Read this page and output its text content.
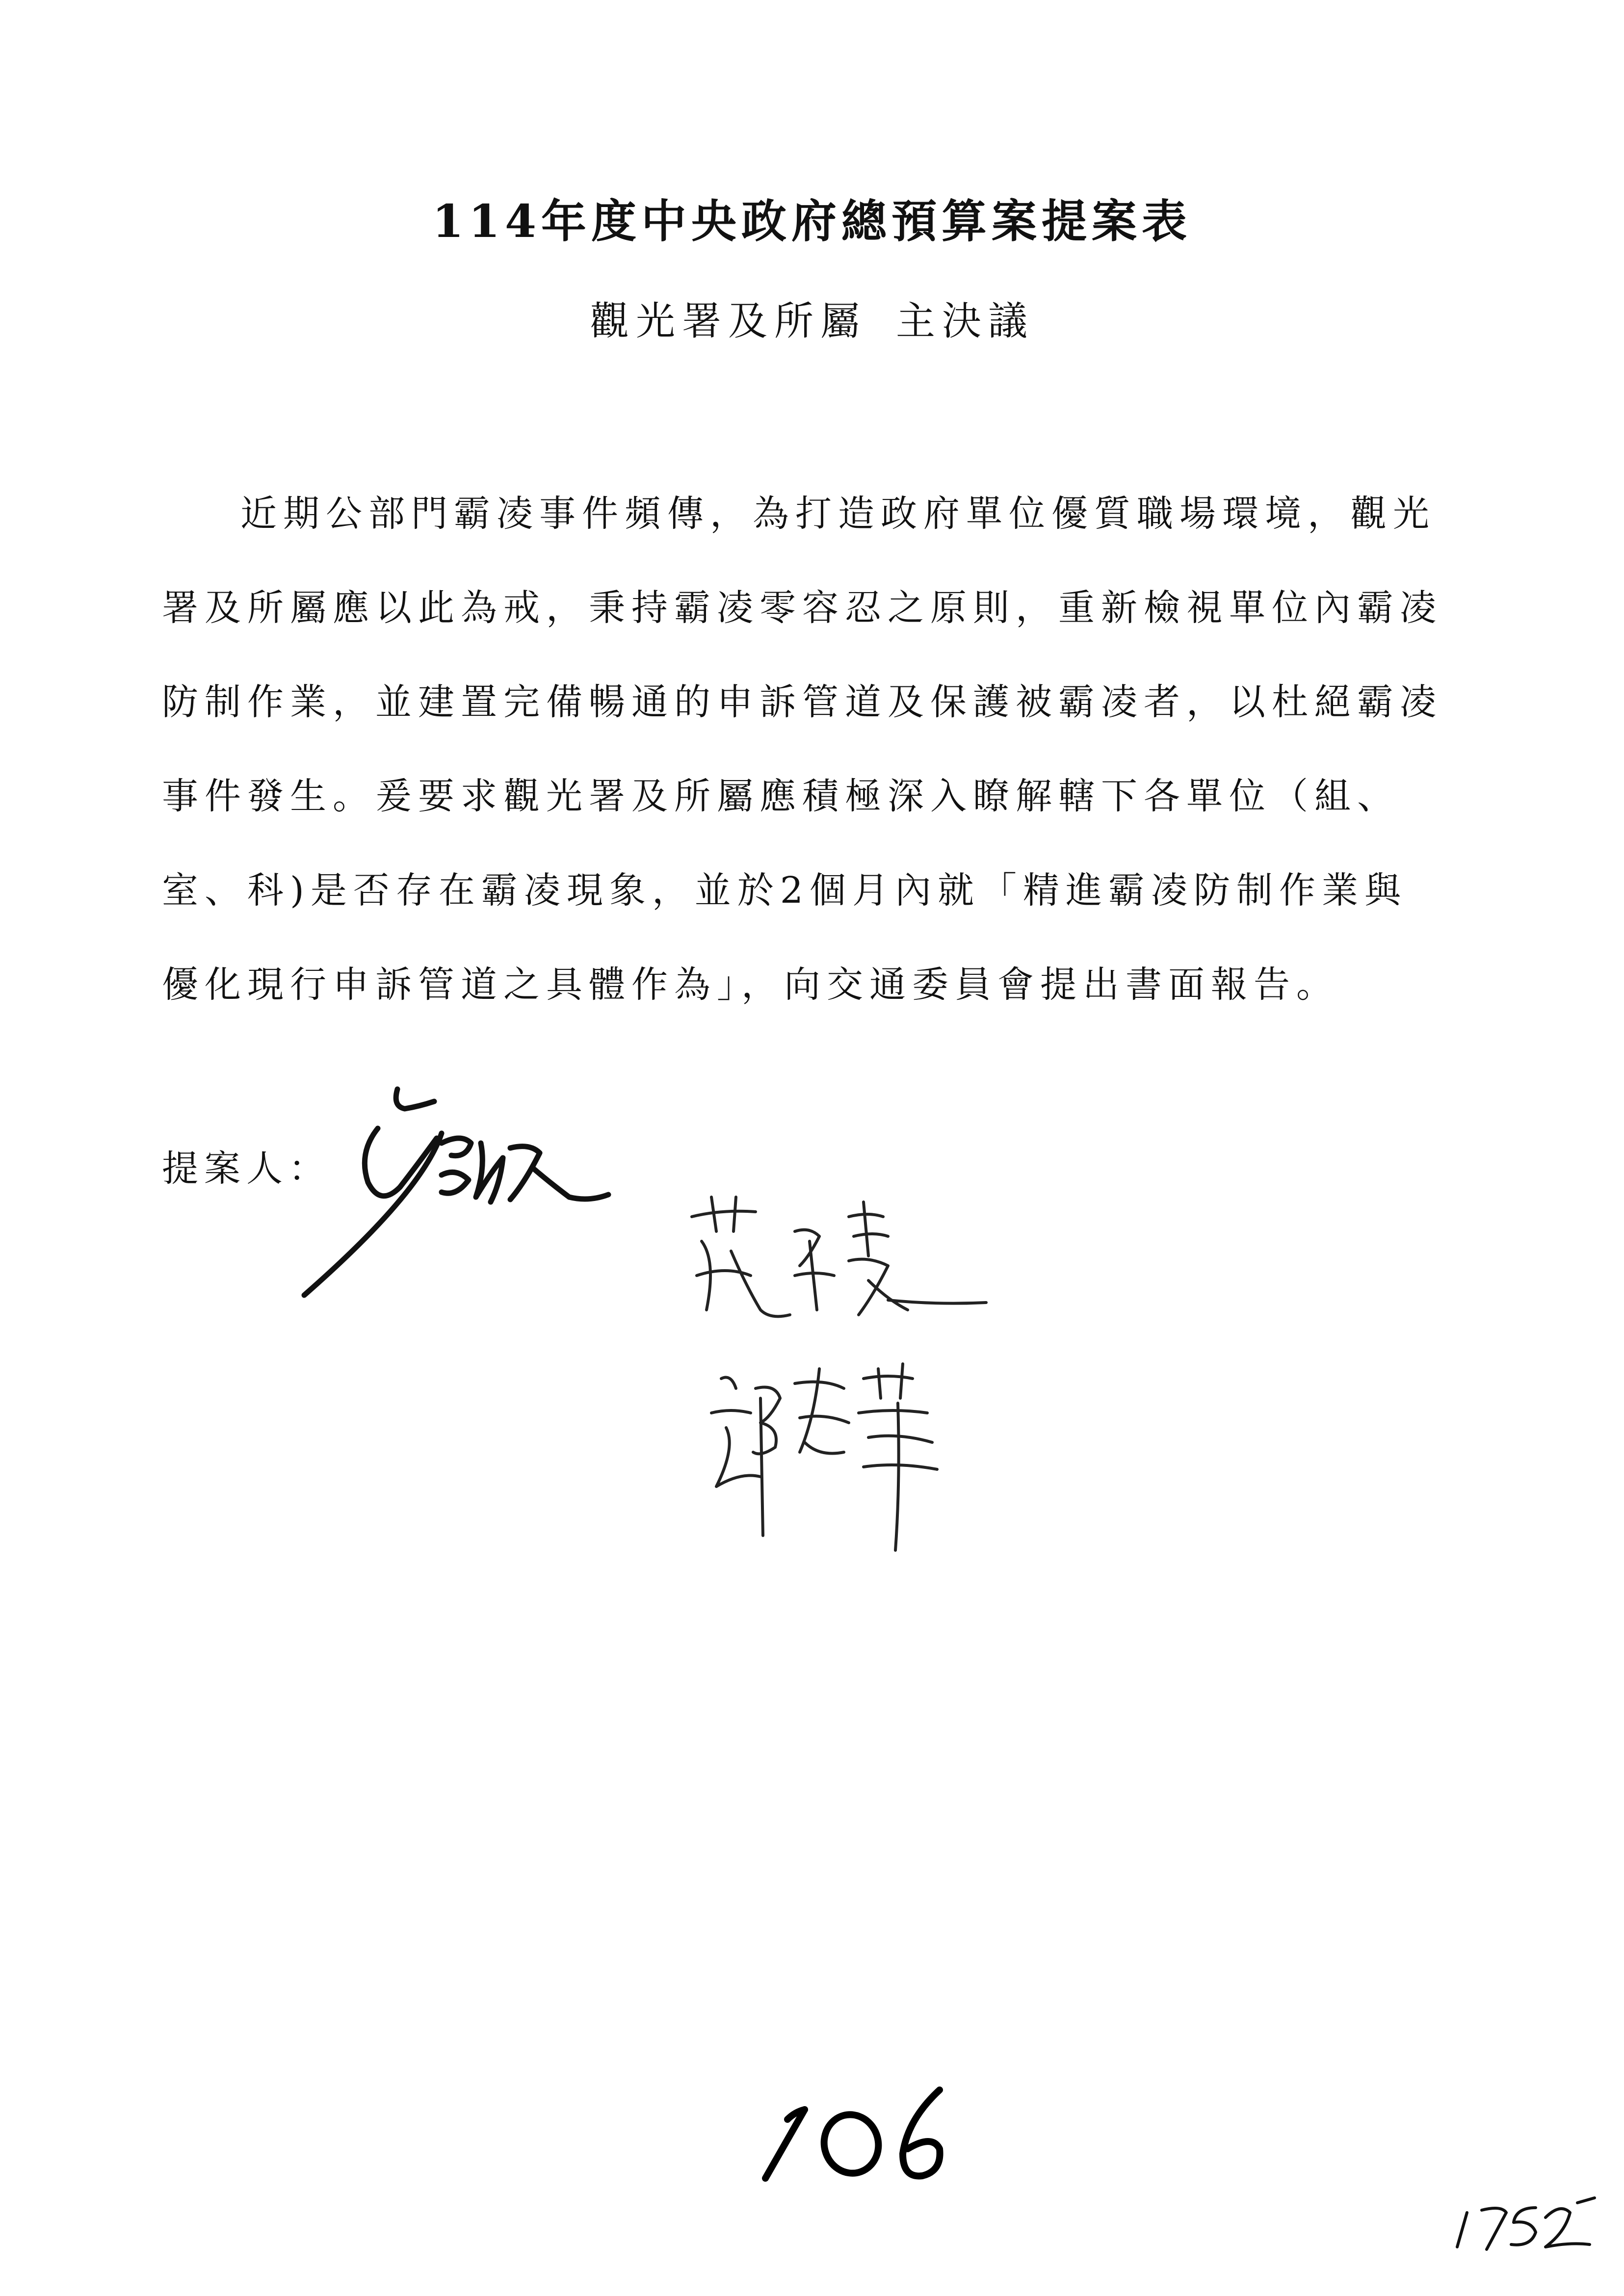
114年度中央政府總預算案提案表
觀光署及所屬 主決議
近期公部門霸凌事件頻傳，為打造政府單位優質職場環境，觀光
署及所屬應以此為戒，秉持霸凌零容忍之原則，重新檢視單位內霸凌
防制作業，並建置完備暢通的申訴管道及保護被霸凌者，以杜絕霸凌
事件發生。爰要求觀光署及所屬應積極深入瞭解轄下各單位（組、
室、科)是否存在霸凌現象，並於2個月內就「精進霸凌防制作業與
優化現行申訴管道之具體作為」，向交通委員會提出書面報告。
提案人：
